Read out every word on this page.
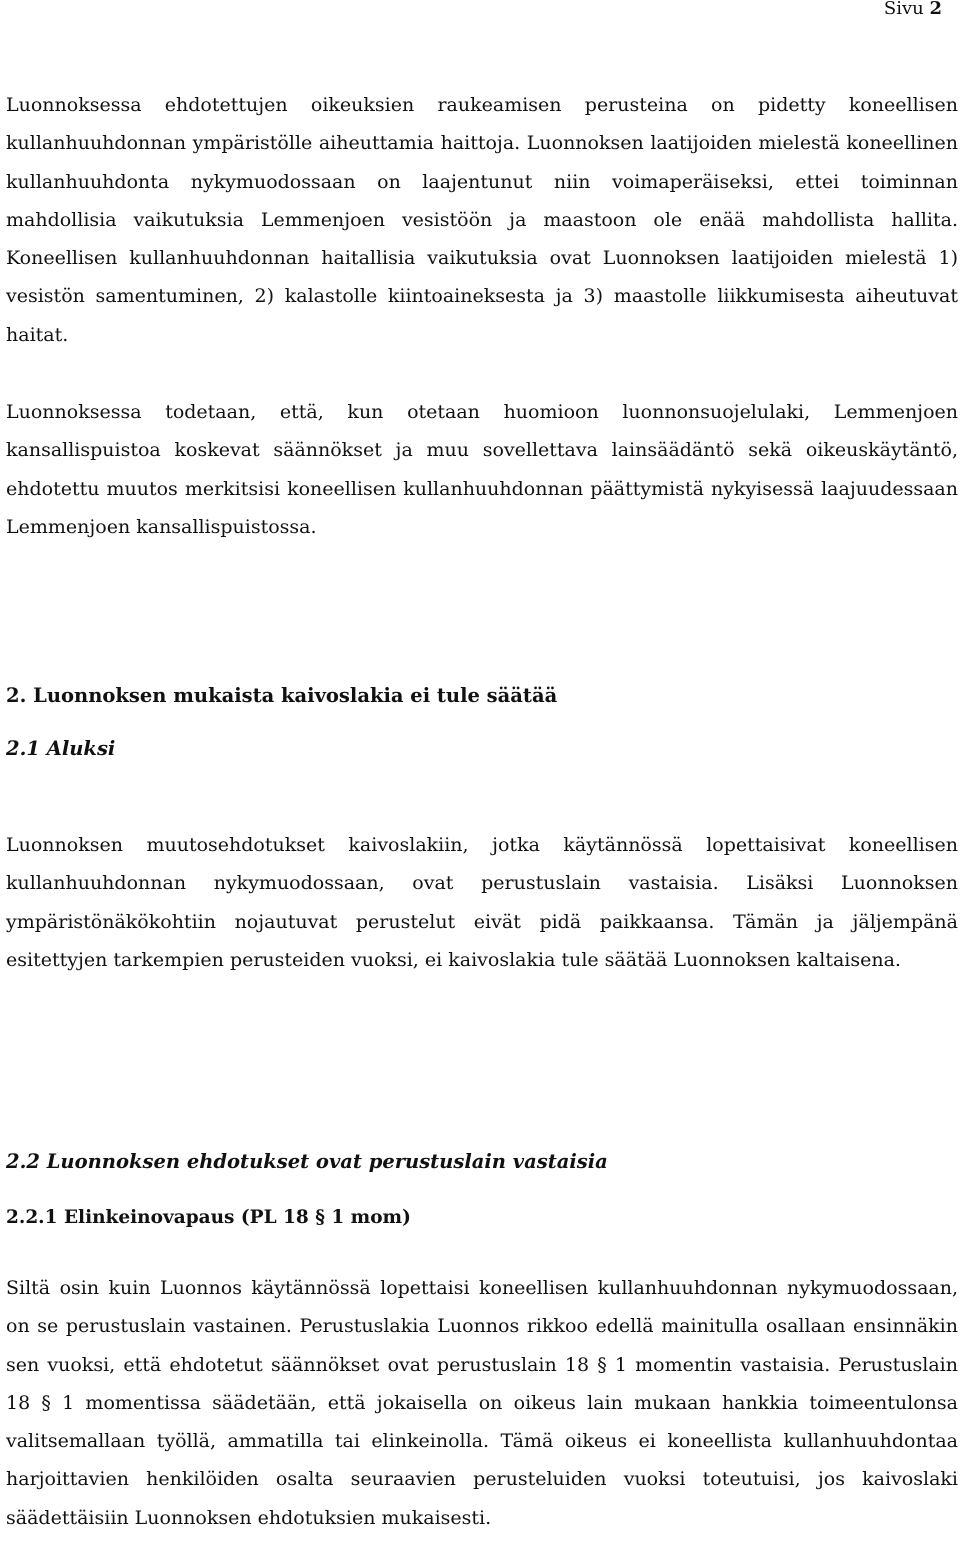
Sivu 2

Luonnoksessa ehdotettujen oikeuksien raukeamisen perusteina on pidetty koneellisen kullanhuuhdonnan ympäristölle aiheuttamia haittoja. Luonnoksen laatijoiden mielestä koneellinen kullanhuuhdonta nykymuodossaan on laajentunut niin voimaperäiseksi, ettei toiminnan mahdollisia vaikutuksia Lemmenjoen vesistöön ja maastoon ole enää mahdollista hallita. Koneellisen kullanhuuhdonnan haitallisia vaikutuksia ovat Luonnoksen laatijoiden mielestä 1) vesistön samentuminen, 2) kalastolle kiintoaineksesta ja 3) maastolle liikkumisesta aiheutuvat haitat.

Luonnoksessa todetaan, että, kun otetaan huomioon luonnonsuojelulaki, Lemmenjoen kansallispuistoa koskevat säännökset ja muu sovellettava lainsäädäntö sekä oikeuskäytäntö, ehdotettu muutos merkitsisi koneellisen kullanhuuhdonnan päättymistä nykyisessä laajuudessaan Lemmenjoen kansallispuistossa.

2. Luonnoksen mukaista kaivoslakia ei tule säätää
2.1 Aluksi

Luonnoksen muutosehdotukset kaivoslakiin, jotka käytännössä lopettaisivat koneellisen kullanhuuhdonnan nykymuodossaan, ovat perustuslain vastaisia. Lisäksi Luonnoksen ympäristönäkökohtiin nojautuvat perustelut eivät pidä paikkaansa. Tämän ja jäljempänä esitettyjen tarkempien perusteiden vuoksi, ei kaivoslakia tule säätää Luonnoksen kaltaisena.

2.2 Luonnoksen ehdotukset ovat perustuslain vastaisia
2.2.1 Elinkeinovapaus (PL 18 § 1 mom)

Siltä osin kuin Luonnos käytännössä lopettaisi koneellisen kullanhuuhdonnan nykymuodossaan, on se perustuslain vastainen. Perustuslakia Luonnos rikkoo edellä mainitulla osallaan ensinnäkin sen vuoksi, että ehdotetut säännökset ovat perustuslain 18 § 1 momentin vastaisia. Perustuslain 18 § 1 momentissa säädetään, että jokaisella on oikeus lain mukaan hankkia toimeentulonsa valitsemallaan työllä, ammatilla tai elinkeinolla. Tämä oikeus ei koneellista kullanhuuhdontaa harjoittavien henkilöiden osalta seuraavien perusteluiden vuoksi toteutuisi, jos kaivoslaki säädettäisiin Luonnoksen ehdotuksien mukaisesti.
